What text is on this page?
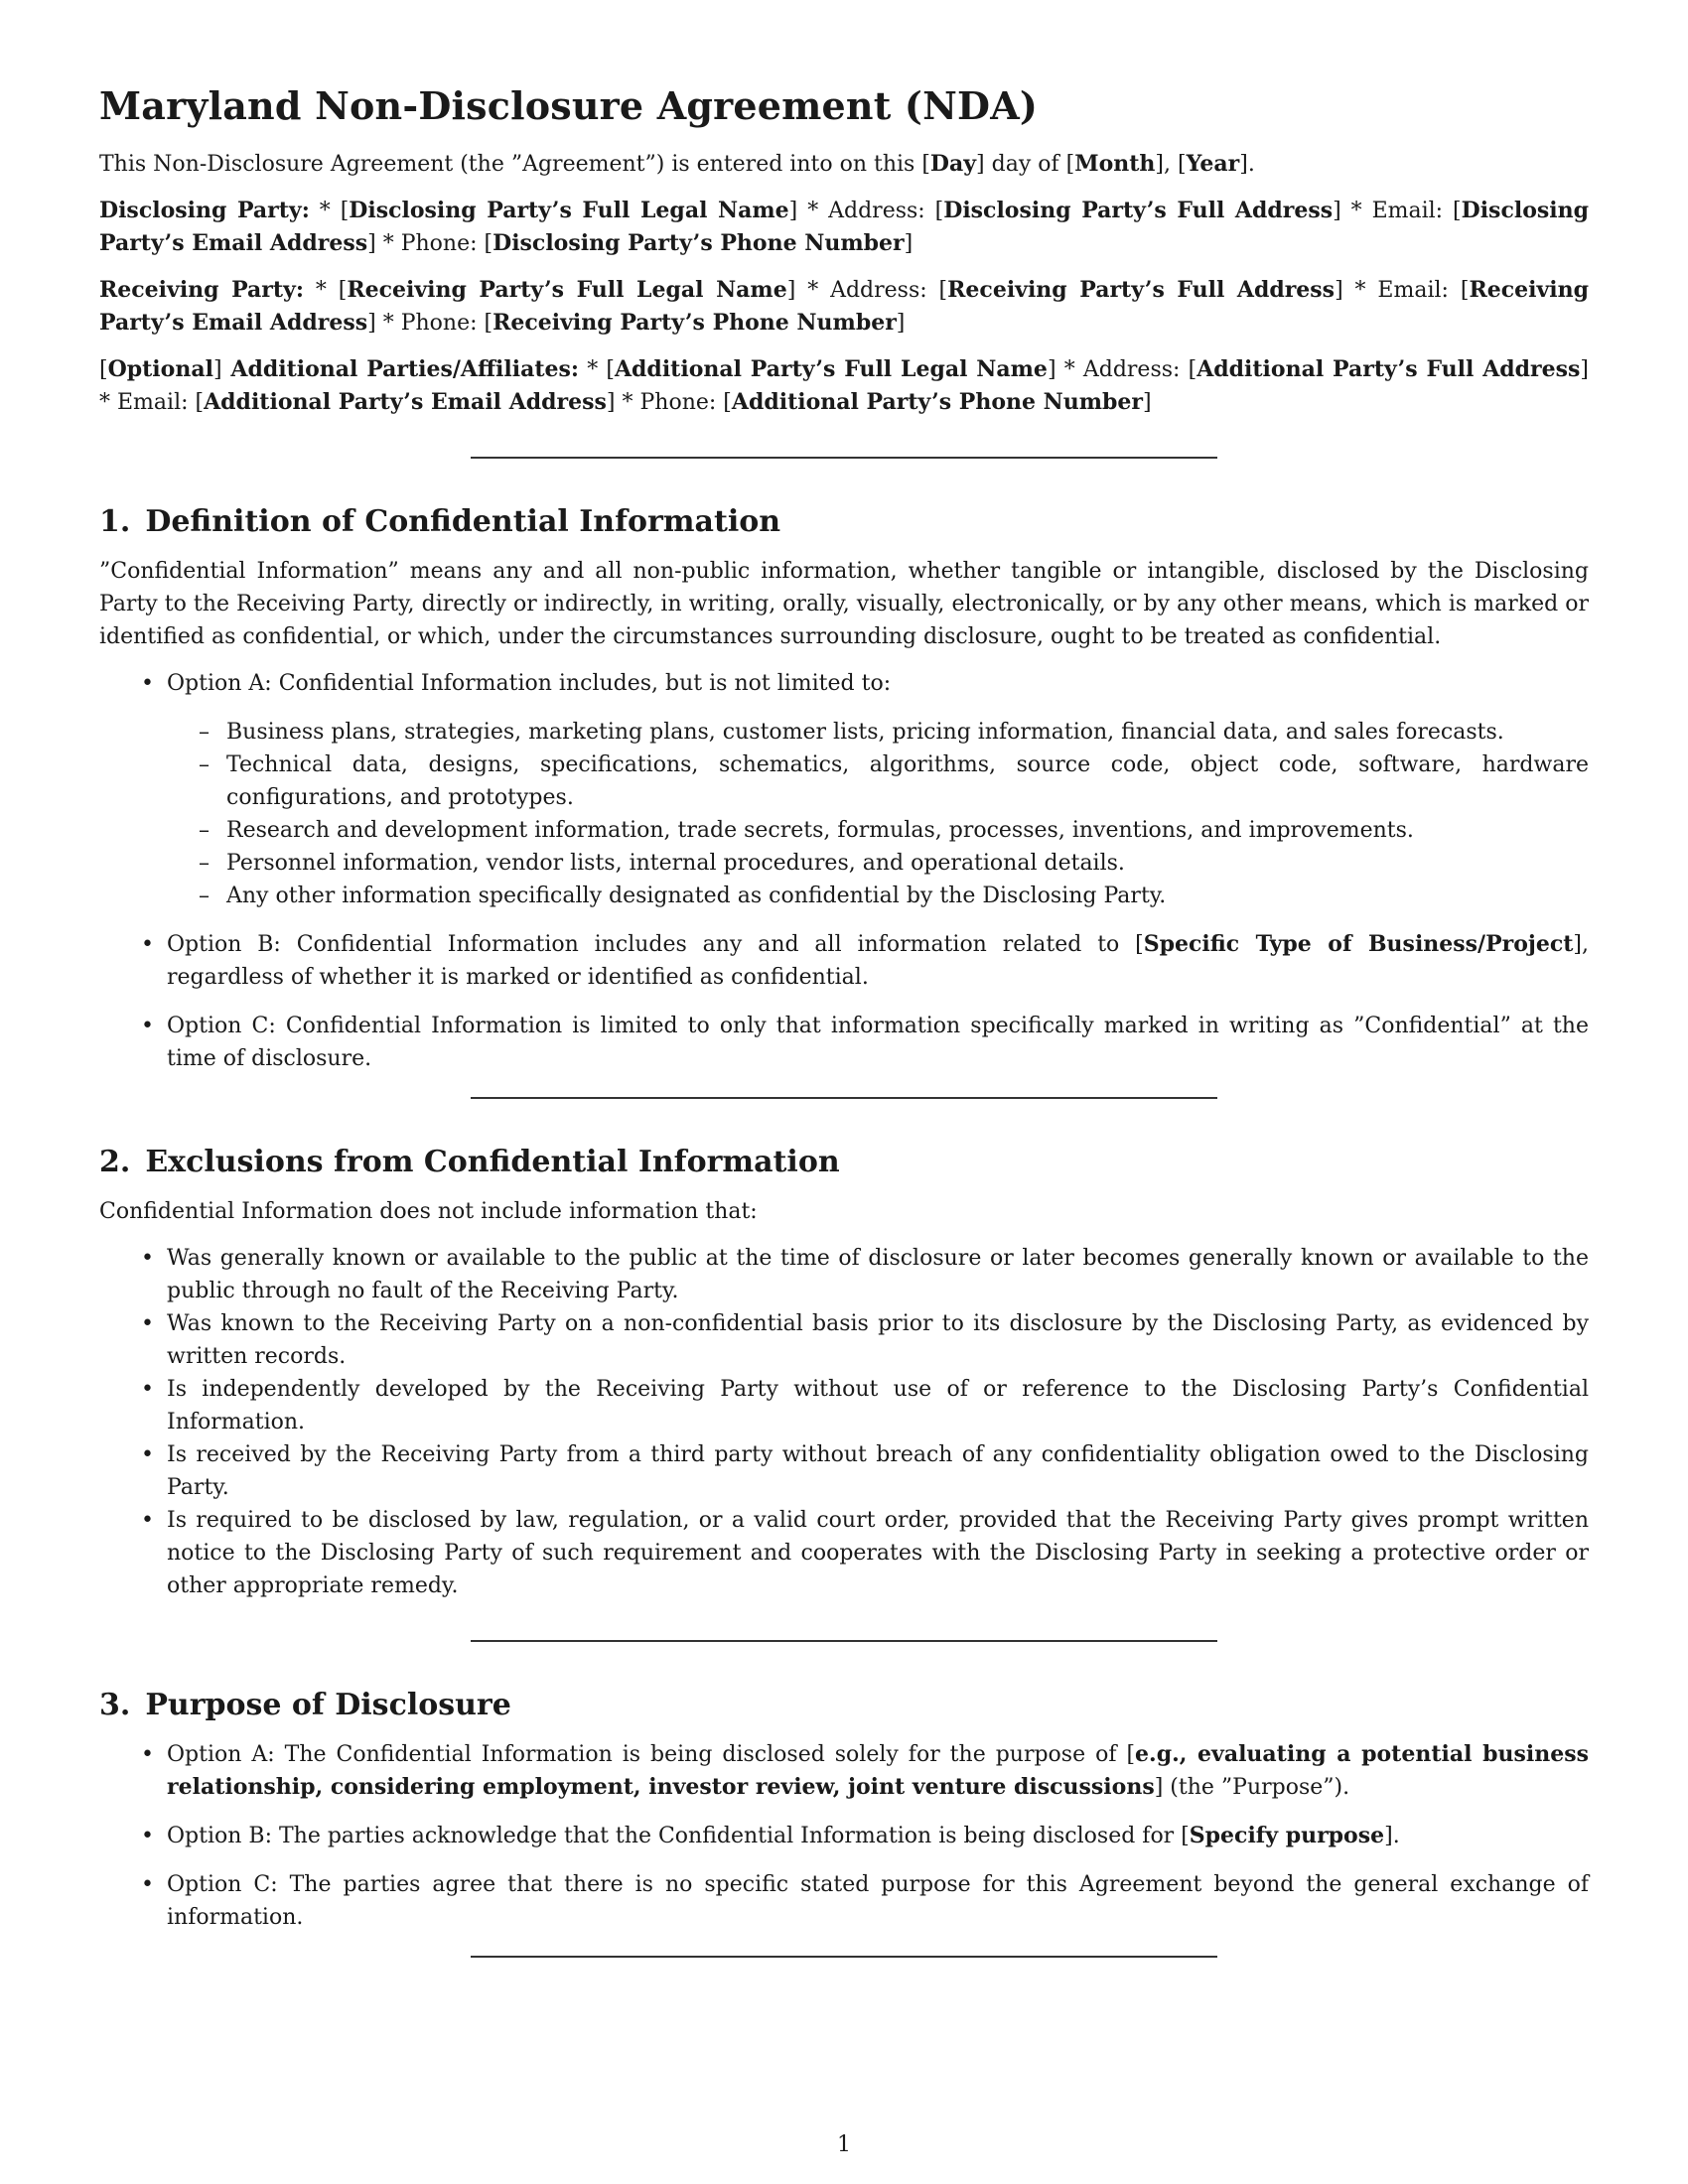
Maryland Non-Disclosure Agreement (NDA)

This Non-Disclosure Agreement (the ”Agreement”) is entered into on this [Day] day of [Month], [Year].

Disclosing Party: * [Disclosing Party’s Full Legal Name] * Address: [Disclosing Party’s Full Address] * Email: [Disclosing Party’s Email Address] * Phone: [Disclosing Party’s Phone Number]

Receiving Party: * [Receiving Party’s Full Legal Name] * Address: [Receiving Party’s Full Address] * Email: [Receiving Party’s Email Address] * Phone: [Receiving Party’s Phone Number]

[Optional] Additional Parties/Affiliates: * [Additional Party’s Full Legal Name] * Address: [Additional Party’s Full Address] * Email: [Additional Party’s Email Address] * Phone: [Additional Party’s Phone Number]

1. Definition of Confidential Information

”Confidential Information” means any and all non-public information, whether tangible or intangible, disclosed by the Disclosing Party to the Receiving Party, directly or indirectly, in writing, orally, visually, electronically, or by any other means, which is marked or identified as confidential, or which, under the circumstances surrounding disclosure, ought to be treated as confidential.

• Option A: Confidential Information includes, but is not limited to:
– Business plans, strategies, marketing plans, customer lists, pricing information, financial data, and sales forecasts.
– Technical data, designs, specifications, schematics, algorithms, source code, object code, software, hardware configurations, and prototypes.
– Research and development information, trade secrets, formulas, processes, inventions, and improvements.
– Personnel information, vendor lists, internal procedures, and operational details.
– Any other information specifically designated as confidential by the Disclosing Party.
• Option B: Confidential Information includes any and all information related to [Specific Type of Business/Project], regardless of whether it is marked or identified as confidential.
• Option C: Confidential Information is limited to only that information specifically marked in writing as ”Confidential” at the time of disclosure.
2. Exclusions from Confidential Information

Confidential Information does not include information that:

• Was generally known or available to the public at the time of disclosure or later becomes generally known or available to the public through no fault of the Receiving Party.
• Was known to the Receiving Party on a non-confidential basis prior to its disclosure by the Disclosing Party, as evidenced by written records.
• Is independently developed by the Receiving Party without use of or reference to the Disclosing Party’s Confidential Information.
• Is received by the Receiving Party from a third party without breach of any confidentiality obligation owed to the Disclosing Party.
• Is required to be disclosed by law, regulation, or a valid court order, provided that the Receiving Party gives prompt written notice to the Disclosing Party of such requirement and cooperates with the Disclosing Party in seeking a protective order or other appropriate remedy.
3. Purpose of Disclosure
• Option A: The Confidential Information is being disclosed solely for the purpose of [e.g., evaluating a potential business relationship, considering employment, investor review, joint venture discussions] (the ”Purpose”).
• Option B: The parties acknowledge that the Confidential Information is being disclosed for [Specify purpose].
• Option C: The parties agree that there is no specific stated purpose for this Agreement beyond the general exchange of information.
1
